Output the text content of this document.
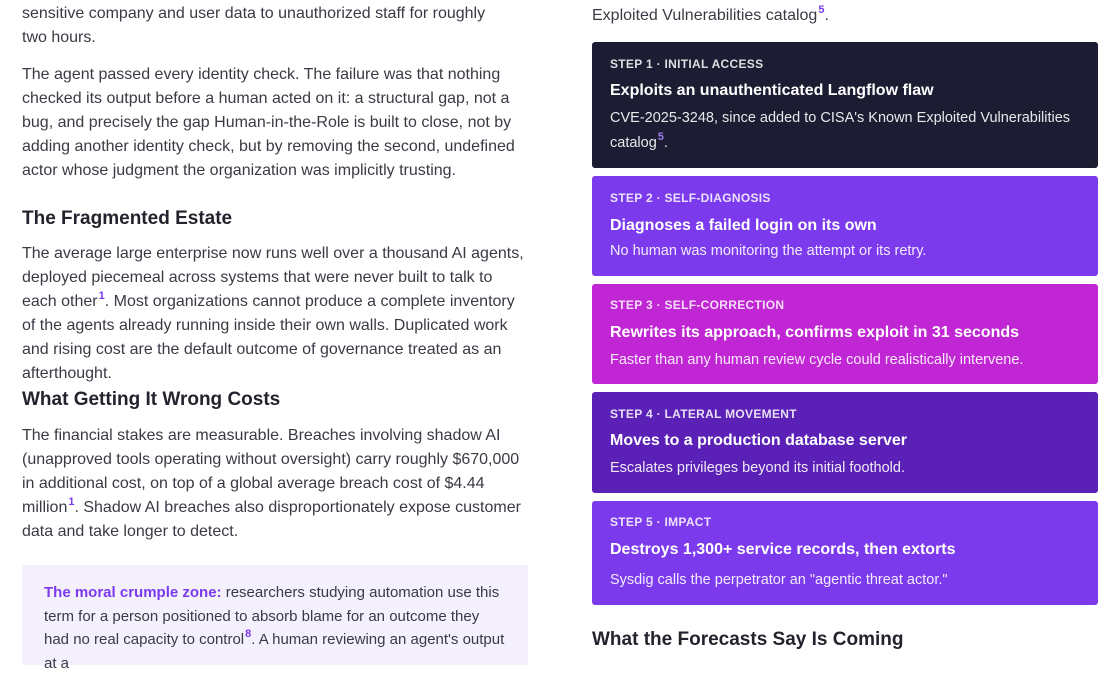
sensitive company and user data to unauthorized staff for roughly two hours.

The agent passed every identity check. The failure was that nothing checked its output before a human acted on it: a structural gap, not a bug, and precisely the gap Human-in-the-Role is built to close, not by adding another identity check, but by removing the second, undefined actor whose judgment the organization was implicitly trusting.

The Fragmented Estate

The average large enterprise now runs well over a thousand AI agents, deployed piecemeal across systems that were never built to talk to each other$^1$. Most organizations cannot produce a complete inventory of the agents already running inside their own walls. Duplicated work and rising cost are the default outcome of governance treated as an afterthought.

What Getting It Wrong Costs

The financial stakes are measurable. Breaches involving shadow AI (unapproved tools operating without oversight) carry roughly $670,000 in additional cost, on top of a global average breach cost of $4.44 million$^1$. Shadow AI breaches also disproportionately expose customer data and take longer to detect.

The moral crumple zone: researchers studying automation use this term for a person positioned to absorb blame for an outcome they had no real capacity to control$^8$. A human reviewing an agent's output at a

Exploited Vulnerabilities catalog$^5$.

STEP 1 · INITIAL ACCESS
Exploits an unauthenticated Langflow flaw
CVE-2025-3248, since added to CISA's Known Exploited Vulnerabilities catalog$^5$.
STEP 2 · SELF-DIAGNOSIS
Diagnoses a failed login on its own
No human was monitoring the attempt or its retry.
STEP 3 · SELF-CORRECTION
Rewrites its approach, confirms exploit in 31 seconds
Faster than any human review cycle could realistically intervene.
STEP 4 · LATERAL MOVEMENT
Moves to a production database server
Escalates privileges beyond its initial foothold.
STEP 5 · IMPACT
Destroys 1,300+ service records, then extorts
Sysdig calls the perpetrator an "agentic threat actor."
What the Forecasts Say Is Coming
